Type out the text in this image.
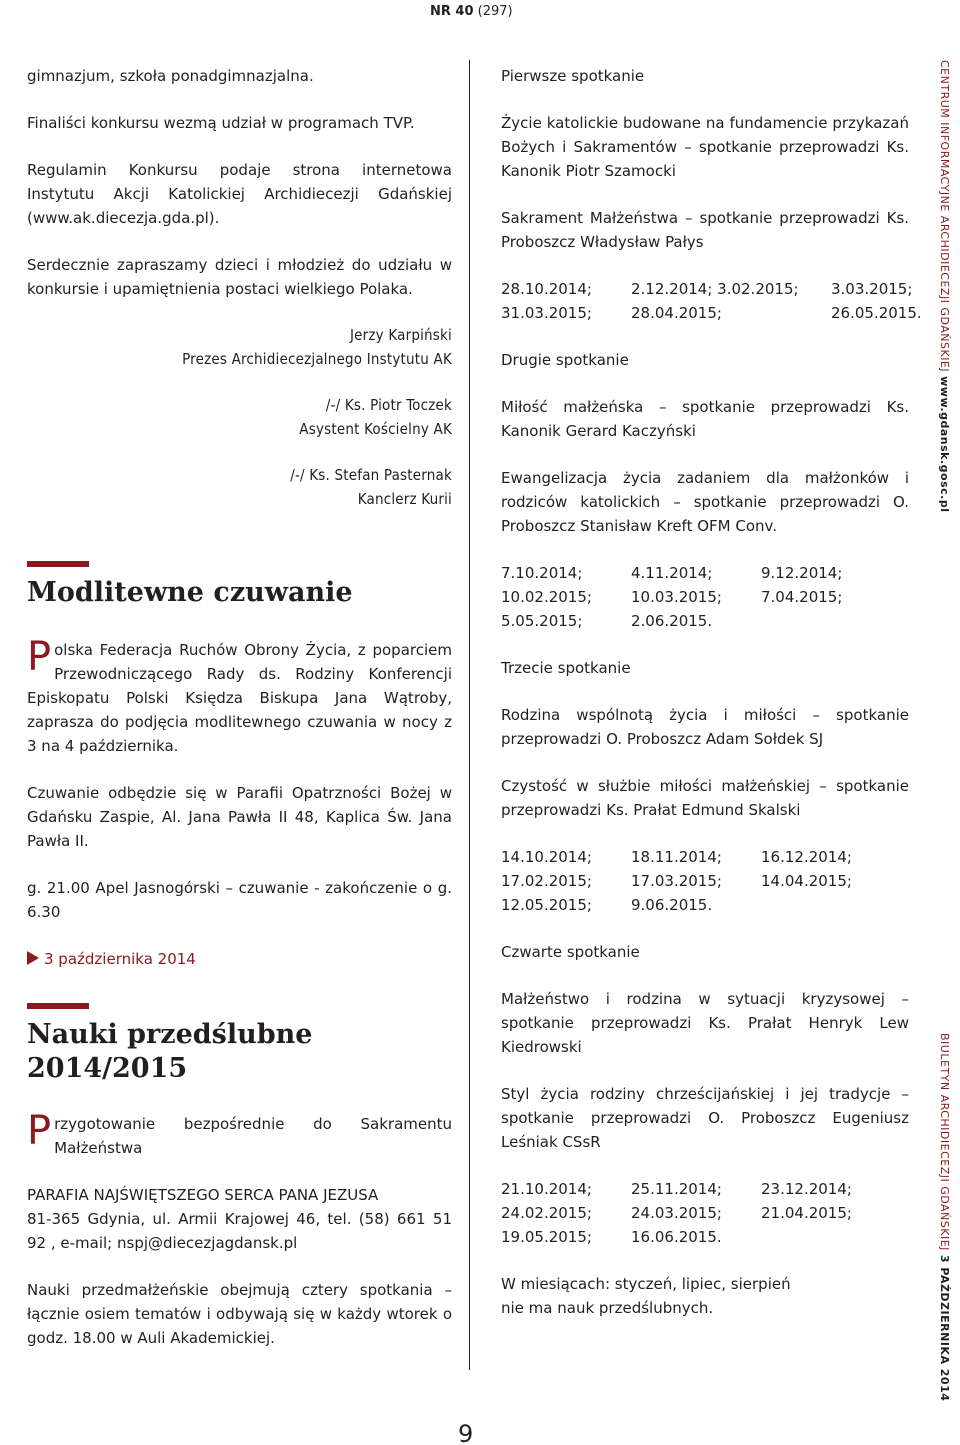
NR 40 (297)

gimnazjum, szkoła ponadgimnazjalna.

Finaliści konkursu wezmą udział w programach TVP.

Regulamin Konkursu podaje strona internetowa Instytutu Akcji Katolickiej Archidiecezji Gdańskiej (www.ak.diecezja.gda.pl).

Serdecznie zapraszamy dzieci i młodzież do udziału w konkursie i upamiętnienia postaci wielkiego Polaka.

Jerzy Karpiński
Prezes Archidiecezjalnego Instytutu AK
/-/ Ks. Piotr Toczek
Asystent Kościelny AK
/-/ Ks. Stefan Pasternak
Kanclerz Kurii
Modlitewne czuwanie
P olska Federacja Ruchów Obrony Życia, z poparciem Przewodniczącego Rady ds. Rodziny Konferencji Episkopatu Polski Księdza Biskupa Jana Wątroby, zaprasza do podjęcia modlitewnego czuwania w nocy z 3 na 4 października.

Czuwanie odbędzie się w Parafii Opatrzności Bożej w Gdańsku Zaspie, Al. Jana Pawła II 48, Kaplica Św. Jana Pawła II.

g. 21.00 Apel Jasnogórski – czuwanie - zakończenie o g. 6.30

3 października 2014
Nauki przedślubne 2014/2015
P rzygotowanie bezpośrednie do Sakramentu Małżeństwa
PARAFIA NAJŚWIĘTSZEGO SERCA PANA JEZUSA
81-365 Gdynia, ul. Armii Krajowej 46, tel. (58) 661 51 92 , e-mail; nspj@diecezjagdansk.pl

Nauki przedmałżeńskie obejmują cztery spotkania – łącznie osiem tematów i odbywają się w każdy wtorek o godz. 18.00 w Auli Akademickiej.

Pierwsze spotkanie

Życie katolickie budowane na fundamencie przykazań Bożych i Sakramentów – spotkanie przeprowadzi Ks. Kanonik Piotr Szamocki

Sakrament Małżeństwa – spotkanie przeprowadzi Ks. Proboszcz Władysław Pałys

28.10.2014;	2.12.2014; 3.02.2015;	3.03.2015;
31.03.2015;	28.04.2015;	26.05.2015.

Drugie spotkanie

Miłość małżeńska – spotkanie przeprowadzi Ks. Kanonik Gerard Kaczyński

Ewangelizacja życia zadaniem dla małżonków i rodziców katolickich – spotkanie przeprowadzi O. Proboszcz Stanisław Kreft OFM Conv.

7.10.2014;	4.11.2014;	9.12.2014;
10.02.2015;	10.03.2015;	7.04.2015;
5.05.2015;	2.06.2015.

Trzecie spotkanie

Rodzina wspólnotą życia i miłości – spotkanie przeprowadzi O. Proboszcz Adam Sołdek SJ

Czystość w służbie miłości małżeńskiej – spotkanie przeprowadzi Ks. Prałat Edmund Skalski

14.10.2014;	18.11.2014;	16.12.2014;
17.02.2015;	17.03.2015;	14.04.2015;
12.05.2015;	9.06.2015.

Czwarte spotkanie

Małżeństwo i rodzina w sytuacji kryzysowej – spotkanie przeprowadzi Ks. Prałat Henryk Lew Kiedrowski

Styl życia rodziny chrześcijańskiej i jej tradycje – spotkanie przeprowadzi O. Proboszcz Eugeniusz Leśniak CSsR

21.10.2014;	25.11.2014;	23.12.2014;
24.02.2015;	24.03.2015;	21.04.2015;
19.05.2015;	16.06.2015.
W miesiącach: styczeń, lipiec, sierpień
nie ma nauk przedślubnych.
CENTRUM INFORMACYJNE ARCHIDIECEZJI GDAŃSKIEJ www.gdansk.gosc.pl
BIULETYN ARCHIDIECEZJI GDAŃSKIEJ 3 PAŹDZIERNIKA 2014
9
